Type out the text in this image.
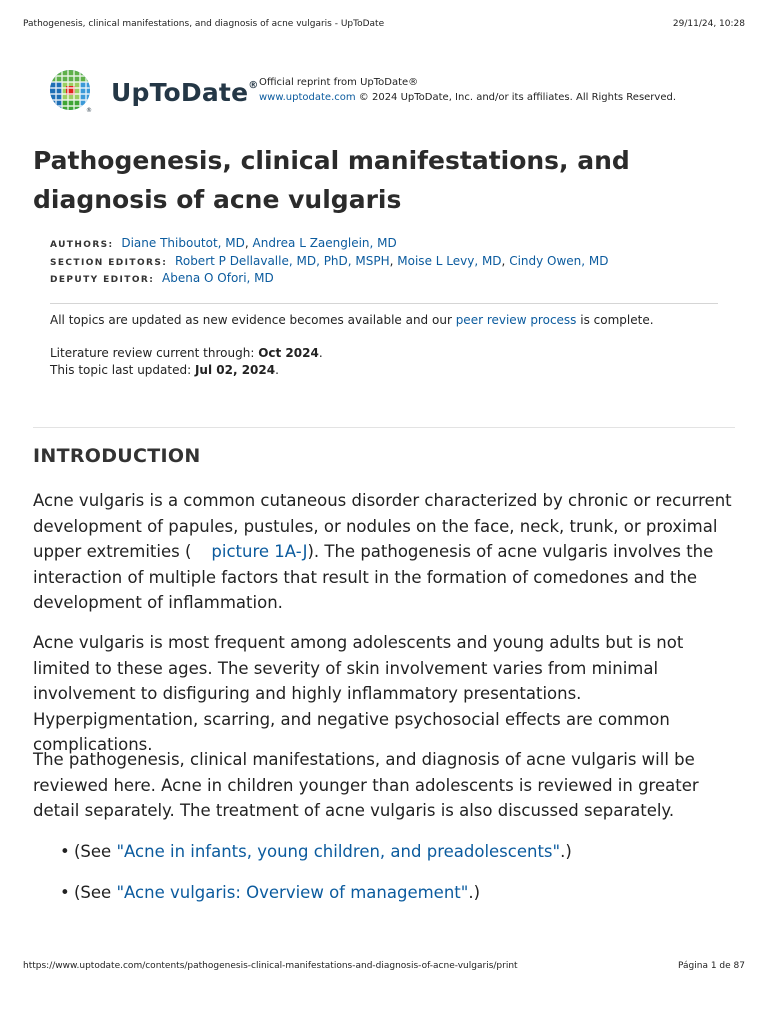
Pathogenesis, clinical manifestations, and diagnosis of acne vulgaris - UpToDate	29/11/24, 10:28
®
UpToDate® Official reprint from UpToDate®
www.uptodate.com © 2024 UpToDate, Inc. and/or its affiliates. All Rights Reserved.
Pathogenesis, clinical manifestations, and diagnosis of acne vulgaris
AUTHORS: Diane Thiboutot, MD, Andrea L Zaenglein, MD
SECTION EDITORS: Robert P Dellavalle, MD, PhD, MSPH, Moise L Levy, MD, Cindy Owen, MD
DEPUTY EDITOR: Abena O Ofori, MD
All topics are updated as new evidence becomes available and our peer review process is complete.
Literature review current through: Oct 2024.
This topic last updated: Jul 02, 2024.
INTRODUCTION

Acne vulgaris is a common cutaneous disorder characterized by chronic or recurrent development of papules, pustules, or nodules on the face, neck, trunk, or proximal upper extremities ( picture 1A-J). The pathogenesis of acne vulgaris involves the interaction of multiple factors that result in the formation of comedones and the development of inflammation.

Acne vulgaris is most frequent among adolescents and young adults but is not limited to these ages. The severity of skin involvement varies from minimal involvement to disfiguring and highly inflammatory presentations. Hyperpigmentation, scarring, and negative psychosocial effects are common complications.

The pathogenesis, clinical manifestations, and diagnosis of acne vulgaris will be reviewed here. Acne in children younger than adolescents is reviewed in greater detail separately. The treatment of acne vulgaris is also discussed separately.

• (See "Acne in infants, young children, and preadolescents".)
• (See "Acne vulgaris: Overview of management".)
https://www.uptodate.com/contents/pathogenesis-clinical-manifestations-and-diagnosis-of-acne-vulgaris/print	Página 1 de 87
